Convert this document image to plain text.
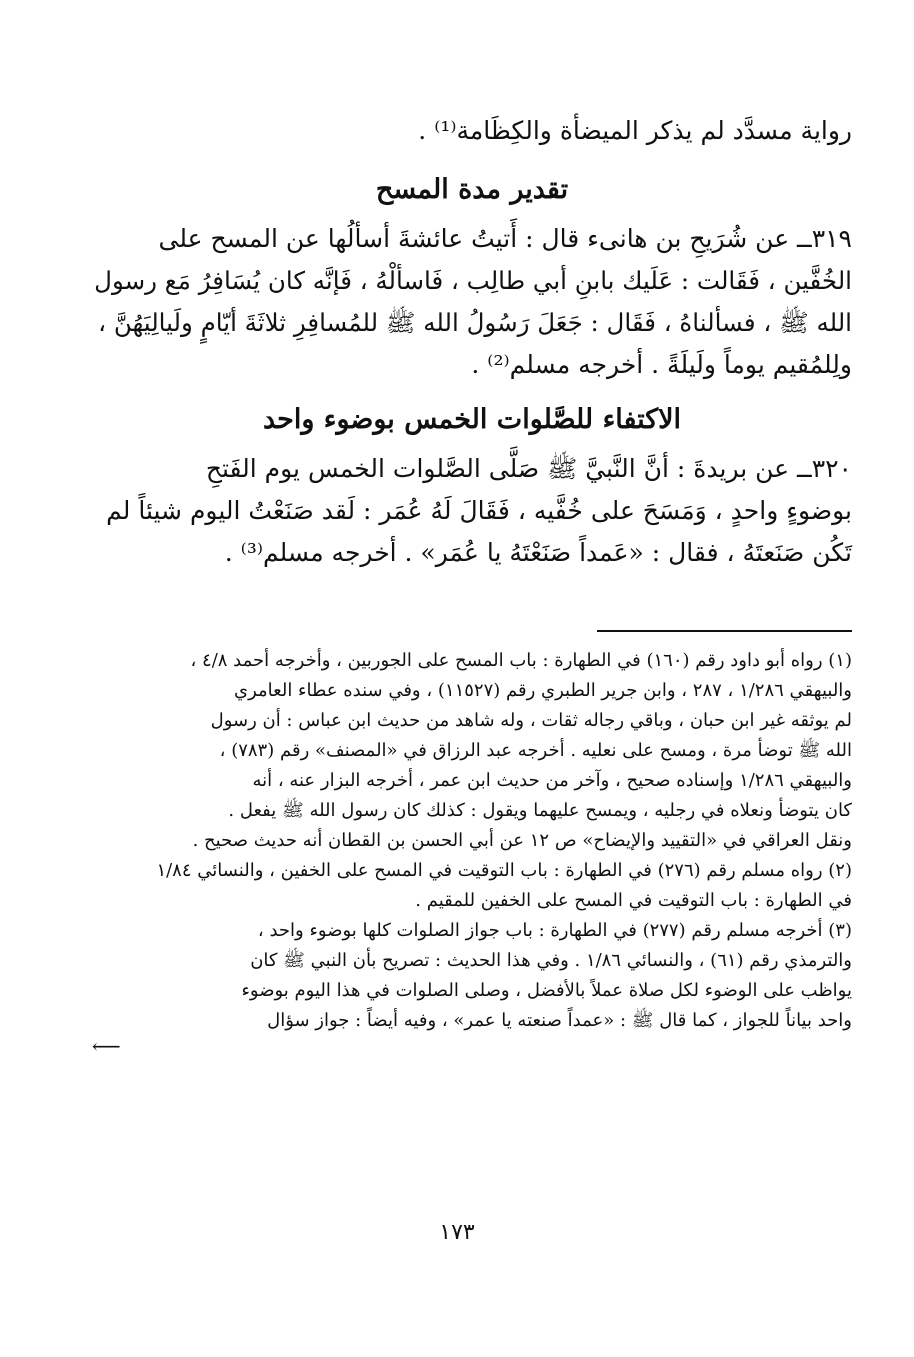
رواية مسدَّد لم يذكر الميضأة والكِظَامة⁽¹⁾ .
تقدير مدة المسح
٣١٩ــ عن شُرَيحِ بن هانىء قال : أَتيتُ عائشةَ أسألُها عن المسح على
الخُفَّين ، فَقَالت : عَلَيك بابنِ أبي طالِب ، فَاسألْهُ ، فَإنَّه كان يُسَافِرُ مَع رسول
الله ﷺ ، فسألناهُ ، فَقَال : جَعَلَ رَسُولُ الله ﷺ للمُسافِرِ ثلاثَةَ أيّامٍ ولَيالِيَهُنَّ ،
ولِلمُقيم يوماً ولَيلَةً . أخرجه مسلم⁽²⁾ .
الاكتفاء للصَّلوات الخمس بوضوء واحد
٣٢٠ــ عن بريدةَ : أنَّ النَّبيَّ ﷺ صَلَّى الصَّلوات الخمس يوم الفَتحِ
بوضوءٍ واحدٍ ، وَمَسَحَ على خُفَّيه ، فَقَالَ لَهُ عُمَر : لَقد صَنَعْتُ اليوم شيئاً لم
تَكُن صَنَعتَهُ ، فقال : «عَمداً صَنَعْتَهُ يا عُمَر» . أخرجه مسلم⁽³⁾ .
(١) رواه أبو داود رقم (١٦٠) في الطهارة : باب المسح على الجوربين ، وأخرجه أحمد ٤/٨ ،
والبيهقي ١/٢٨٦ ، ٢٨٧ ، وابن جرير الطبري رقم (١١٥٢٧) ، وفي سنده عطاء العامري
لم يوثقه غير ابن حبان ، وباقي رجاله ثقات ، وله شاهد من حديث ابن عباس : أن رسول
الله ﷺ توضأ مرة ، ومسح على نعليه . أخرجه عبد الرزاق في «المصنف» رقم (٧٨٣) ،
والبيهقي ١/٢٨٦ وإسناده صحيح ، وآخر من حديث ابن عمر ، أخرجه البزار عنه ، أنه
كان يتوضأ ونعلاه في رجليه ، ويمسح عليهما ويقول : كذلك كان رسول الله ﷺ يفعل .
ونقل العراقي في «التقييد والإيضاح» ص ١٢ عن أبي الحسن بن القطان أنه حديث صحيح .
(٢) رواه مسلم رقم (٢٧٦) في الطهارة : باب التوقيت في المسح على الخفين ، والنسائي ١/٨٤
في الطهارة : باب التوقيت في المسح على الخفين للمقيم .
(٣) أخرجه مسلم رقم (٢٧٧) في الطهارة : باب جواز الصلوات كلها بوضوء واحد ،
والترمذي رقم (٦١) ، والنسائي ١/٨٦ . وفي هذا الحديث : تصريح بأن النبي ﷺ كان
يواظب على الوضوء لكل صلاة عملاً بالأفضل ، وصلى الصلوات في هذا اليوم بوضوء
واحد بياناً للجواز ، كما قال ﷺ : «عمداً صنعته يا عمر» ، وفيه أيضاً : جواز سؤال
⟵
١٧٣
